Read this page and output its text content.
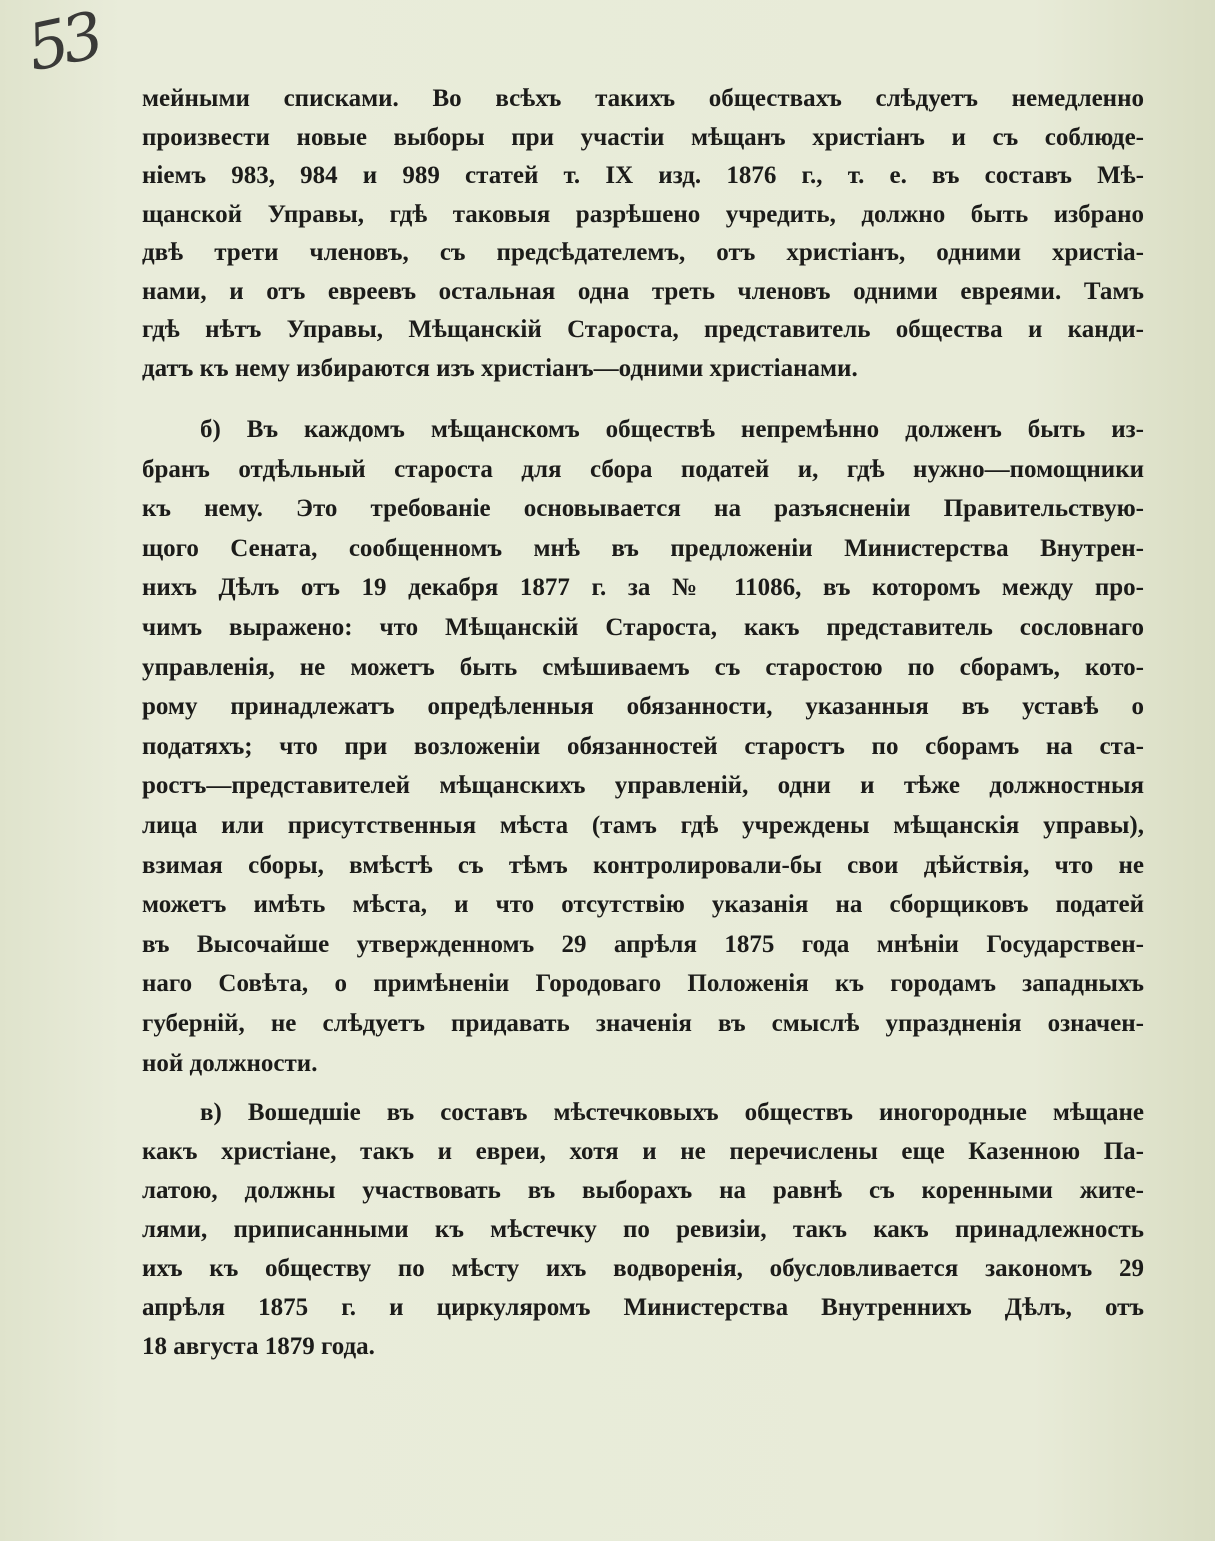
53
мейными списками. Во всѣхъ такихъ обществахъ слѣдуетъ немедленно
произвести новые выборы при участіи мѣщанъ христіанъ и съ соблюде-
ніемъ 983, 984 и 989 статей т. IX изд. 1876 г., т. е. въ составъ Мѣ-
щанской Управы, гдѣ таковыя разрѣшено учредить, должно быть избрано
двѣ трети членовъ, съ предсѣдателемъ, отъ христіанъ, одними христіа-
нами, и отъ евреевъ остальная одна треть членовъ одними евреями. Тамъ
гдѣ нѣтъ Управы, Мѣщанскій Староста, представитель общества и канди-
датъ къ нему избираются изъ христіанъ—одними христіанами.
б) Въ каждомъ мѣщанскомъ обществѣ непремѣнно долженъ быть из-
бранъ отдѣльный староста для сбора податей и, гдѣ нужно—помощники
къ нему. Это требованіе основывается на разъясненіи Правительствую-
щого Сената, сообщенномъ мнѣ въ предложеніи Министерства Внутрен-
нихъ Дѣлъ отъ 19 декабря 1877 г. за № 11086, въ которомъ между про-
чимъ выражено: что Мѣщанскій Староста, какъ представитель сословнаго
управленія, не можетъ быть смѣшиваемъ съ старостою по сборамъ, кото-
рому принадлежатъ опредѣленныя обязанности, указанныя въ уставѣ о
податяхъ; что при возложеніи обязанностей старостъ по сборамъ на ста-
ростъ—представителей мѣщанскихъ управленій, одни и тѣже должностныя
лица или присутственныя мѣста (тамъ гдѣ учреждены мѣщанскія управы),
взимая сборы, вмѣстѣ съ тѣмъ контролировали-бы свои дѣйствія, что не
можетъ имѣть мѣста, и что отсутствію указанія на сборщиковъ податей
въ Высочайше утвержденномъ 29 апрѣля 1875 года мнѣніи Государствен-
наго Совѣта, о примѣненіи Городоваго Положенія къ городамъ западныхъ
губерній, не слѣдуетъ придавать значенія въ смыслѣ упраздненія означен-
ной должности.
в) Вошедшіе въ составъ мѣстечковыхъ обществъ иногородные мѣщане
какъ христіане, такъ и евреи, хотя и не перечислены еще Казенною Па-
латою, должны участвовать въ выборахъ на равнѣ съ коренными жите-
лями, приписанными къ мѣстечку по ревизіи, такъ какъ принадлежность
ихъ къ обществу по мѣсту ихъ водворенія, обусловливается закономъ 29
апрѣля 1875 г. и циркуляромъ Министерства Внутреннихъ Дѣлъ, отъ
18 августа 1879 года.
